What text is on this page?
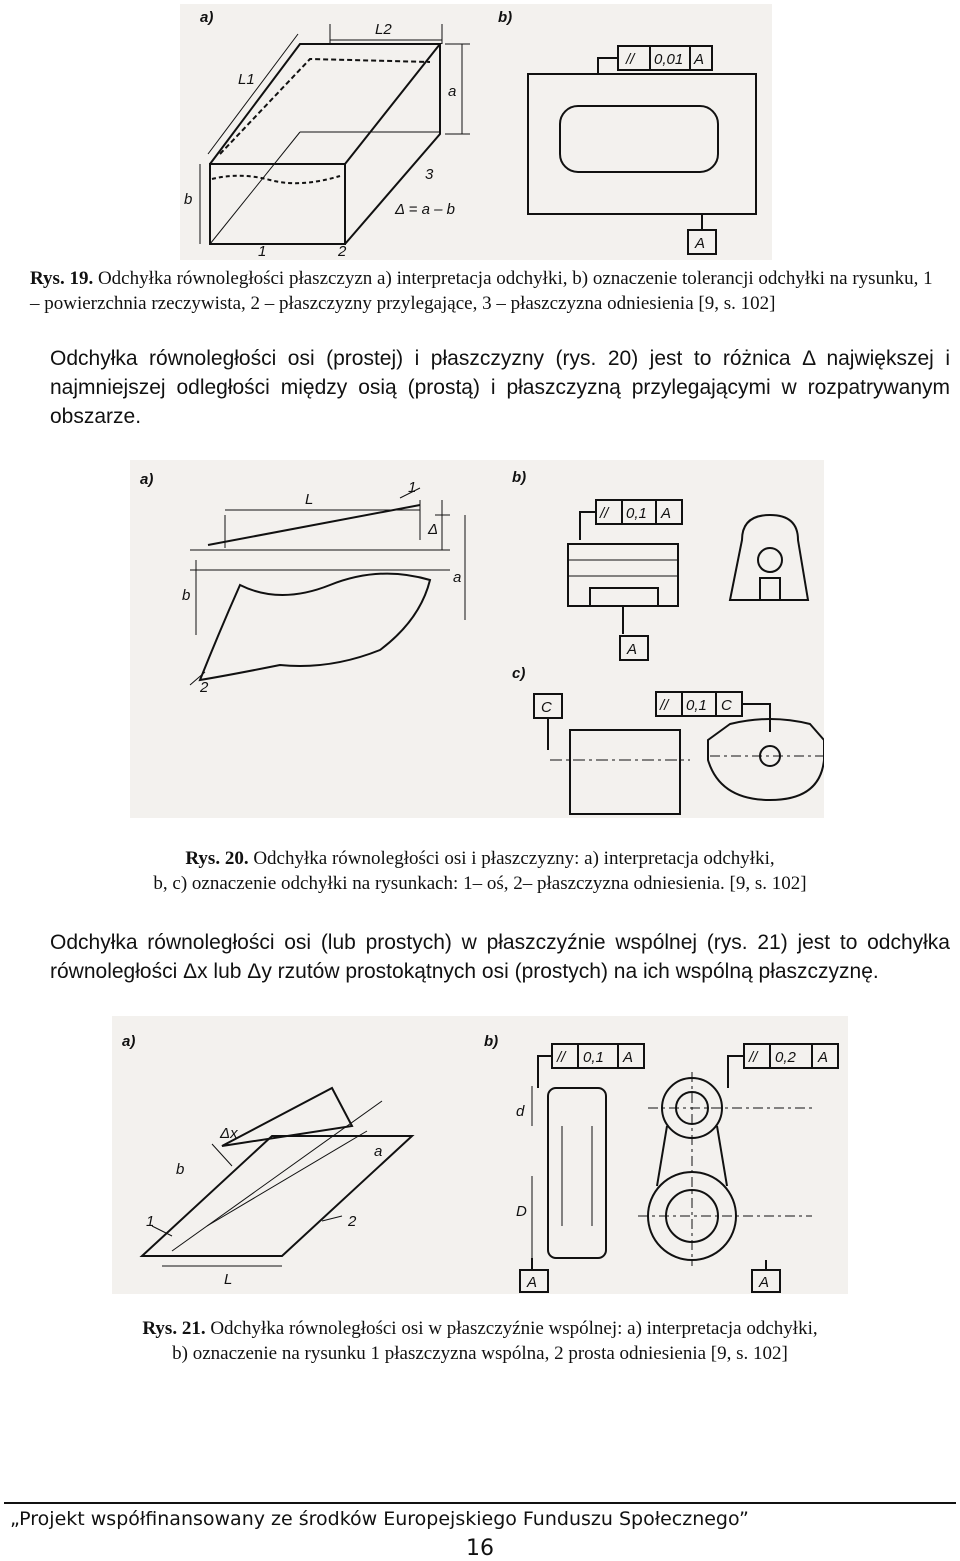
a)
L1
L2
a
b
3
1	2
Δ = a – b
b)
// 0,01 A
A
Rys. 19. Odchyłka równoległości płaszczyzn a) interpretacja odchyłki, b) oznaczenie tolerancji odchyłki na rysunku, 1 – powierzchnia rzeczywista, 2 – płaszczyzny przylegające, 3 – płaszczyzna odniesienia [9, s. 102]
Odchyłka równoległości osi (prostej) i płaszczyzny (rys. 20) jest to różnica Δ największej i najmniejszej odległości między osią (prostą) i płaszczyzną przylegającymi w rozpatrywanym obszarze.
a)
L
1
Δ
a
b
2
b)
// 0,1 A
A
c)
C	// 0,1 C
Rys. 20. Odchyłka równoległości osi i płaszczyzny: a) interpretacja odchyłki,
b, c) oznaczenie odchyłki na rysunkach: 1– oś, 2– płaszczyzna odniesienia. [9, s. 102]
Odchyłka równoległości osi (lub prostych) w płaszczyźnie wspólnej (rys. 21) jest to odchyłka równoległości Δx lub Δy rzutów prostokątnych osi (prostych) na ich wspólną płaszczyznę.
a)
Δx
b
a
L
1	2
b)
// 0,1 A	// 0,2 A
d
D
A	A
Rys. 21. Odchyłka równoległości osi w płaszczyźnie wspólnej: a) interpretacja odchyłki,
b) oznaczenie na rysunku 1 płaszczyzna wspólna, 2 prosta odniesienia [9, s. 102]
„Projekt współfinansowany ze środków Europejskiego Funduszu Społecznego”
16
